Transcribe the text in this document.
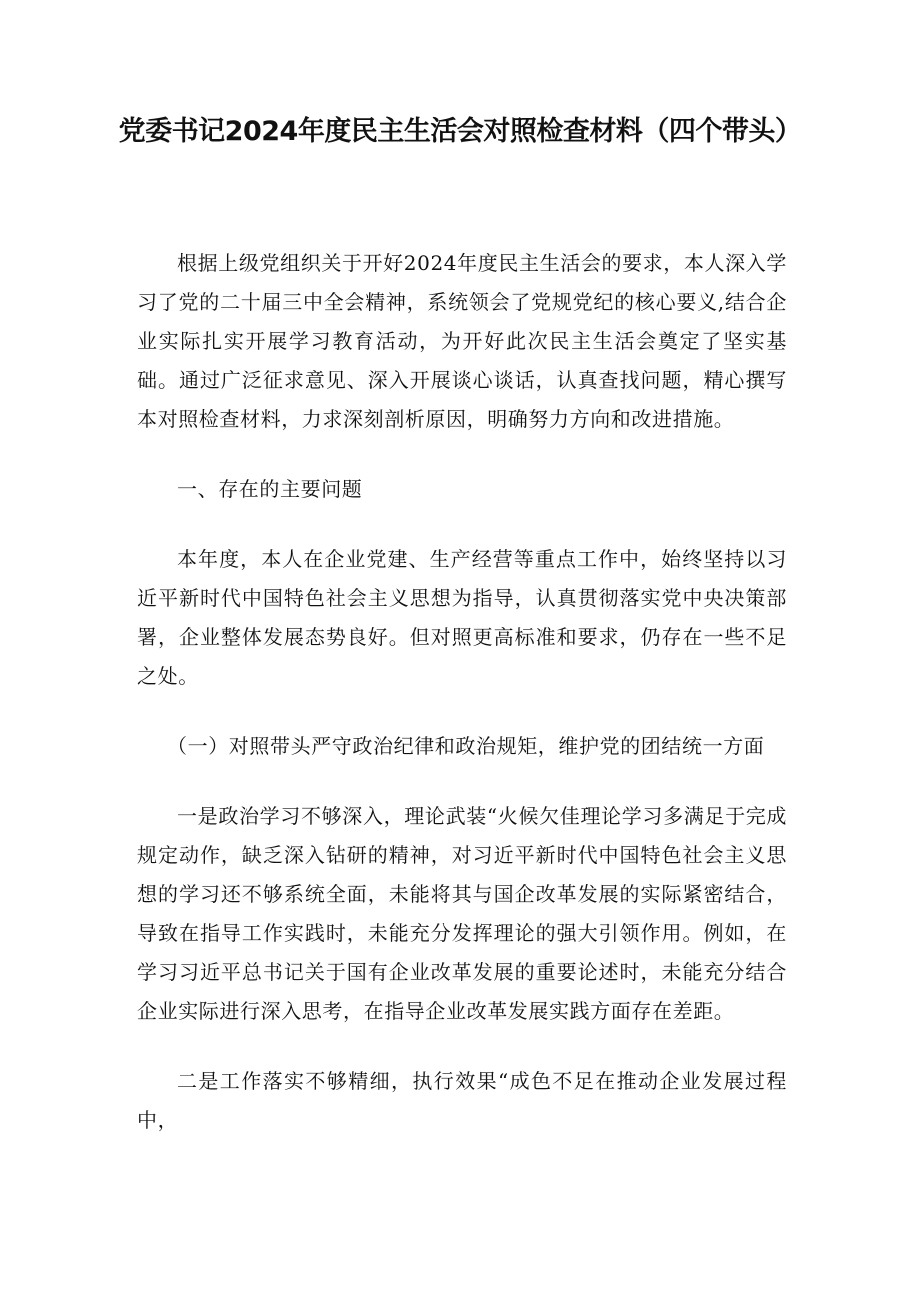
党委书记2024年度民主生活会对照检查材料（四个带头）

根据上级党组织关于开好2024年度民主生活会的要求，本人深入学习了党的二十届三中全会精神，系统领会了党规党纪的核心要义,结合企业实际扎实开展学习教育活动，为开好此次民主生活会奠定了坚实基础。通过广泛征求意见、深入开展谈心谈话，认真查找问题，精心撰写本对照检查材料，力求深刻剖析原因，明确努力方向和改进措施。

一、存在的主要问题

本年度，本人在企业党建、生产经营等重点工作中，始终坚持以习近平新时代中国特色社会主义思想为指导，认真贯彻落实党中央决策部署，企业整体发展态势良好。但对照更高标准和要求，仍存在一些不足之处。

（一）对照带头严守政治纪律和政治规矩，维护党的团结统一方面

一是政治学习不够深入，理论武装“火候欠佳理论学习多满足于完成规定动作，缺乏深入钻研的精神，对习近平新时代中国特色社会主义思想的学习还不够系统全面，未能将其与国企改革发展的实际紧密结合，导致在指导工作实践时，未能充分发挥理论的强大引领作用。例如，在学习习近平总书记关于国有企业改革发展的重要论述时，未能充分结合企业实际进行深入思考，在指导企业改革发展实践方面存在差距。

二是工作落实不够精细，执行效果“成色不足在推动企业发展过程中，
